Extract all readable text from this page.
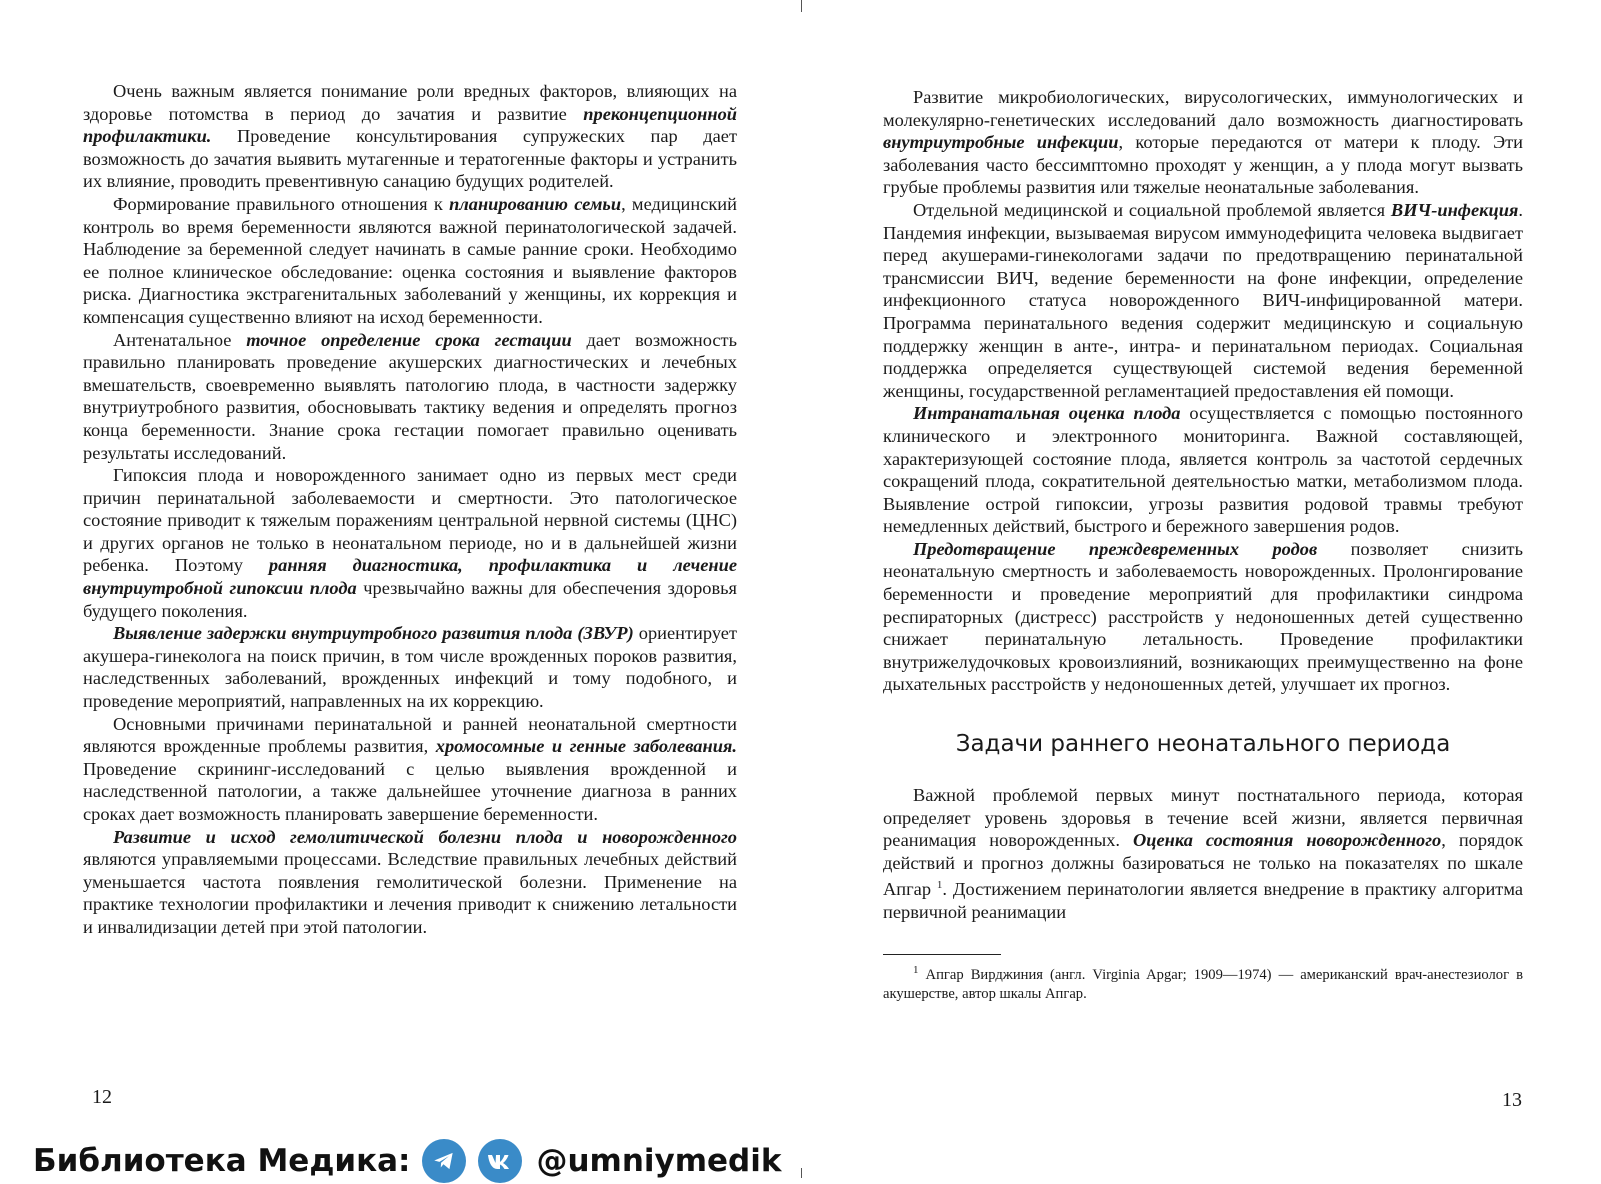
Очень важным является понимание роли вредных факторов, влияющих на здоровье потомства в период до зачатия и развитие преконцепционной профилактики. Проведение консультирования супружеских пар дает возможность до зачатия выявить мутагенные и тератогенные факторы и устранить их влияние, проводить превентивную санацию будущих родителей.

Формирование правильного отношения к планированию семьи, медицинский контроль во время беременности являются важной перинатологической задачей. Наблюдение за беременной следует начинать в самые ранние сроки. Необходимо ее полное клиническое обследование: оценка состояния и выявление факторов риска. Диагностика экстрагенитальных заболеваний у женщины, их коррекция и компенсация существенно влияют на исход беременности.

Антенатальное точное определение срока гестации дает возможность правильно планировать проведение акушерских диагностических и лечебных вмешательств, своевременно выявлять патологию плода, в частности задержку внутриутробного развития, обосновывать тактику ведения и определять прогноз конца беременности. Знание срока гестации помогает правильно оценивать результаты исследований.

Гипоксия плода и новорожденного занимает одно из первых мест среди причин перинатальной заболеваемости и смертности. Это патологическое состояние приводит к тяжелым поражениям центральной нервной системы (ЦНС) и других органов не только в неонатальном периоде, но и в дальнейшей жизни ребенка. Поэтому ранняя диагностика, профилактика и лечение внутриутробной гипоксии плода чрезвычайно важны для обеспечения здоровья будущего поколения.

Выявление задержки внутриутробного развития плода (ЗВУР) ориентирует акушера-гинеколога на поиск причин, в том числе врожденных пороков развития, наследственных заболеваний, врожденных инфекций и тому подобного, и проведение мероприятий, направленных на их коррекцию.

Основными причинами перинатальной и ранней неонатальной смертности являются врожденные проблемы развития, хромосомные и генные заболевания. Проведение скрининг-исследований с целью выявления врожденной и наследственной патологии, а также дальнейшее уточнение диагноза в ранних сроках дает возможность планировать завершение беременности.

Развитие и исход гемолитической болезни плода и новорожденного являются управляемыми процессами. Вследствие правильных лечебных действий уменьшается частота появления гемолитической болезни. Применение на практике технологии профилактики и лечения приводит к снижению летальности и инвалидизации детей при этой патологии.

12

Развитие микробиологических, вирусологических, иммунологических и молекулярно-генетических исследований дало возможность диагностировать внутриутробные инфекции, которые передаются от матери к плоду. Эти заболевания часто бессимптомно проходят у женщин, а у плода могут вызвать грубые проблемы развития или тяжелые неонатальные заболевания.

Отдельной медицинской и социальной проблемой является ВИЧ-инфекция. Пандемия инфекции, вызываемая вирусом иммунодефицита человека выдвигает перед акушерами-гинекологами задачи по предотвращению перинатальной трансмиссии ВИЧ, ведение беременности на фоне инфекции, определение инфекционного статуса новорожденного ВИЧ-инфицированной матери. Программа перинатального ведения содержит медицинскую и социальную поддержку женщин в анте-, интра- и перинатальном периодах. Социальная поддержка определяется существующей системой ведения беременной женщины, государственной регламентацией предоставления ей помощи.

Интранатальная оценка плода осуществляется с помощью постоянного клинического и электронного мониторинга. Важной составляющей, характеризующей состояние плода, является контроль за частотой сердечных сокращений плода, сократительной деятельностью матки, метаболизмом плода. Выявление острой гипоксии, угрозы развития родовой травмы требуют немедленных действий, быстрого и бережного завершения родов.

Предотвращение преждевременных родов позволяет снизить неонатальную смертность и заболеваемость новорожденных. Пролонгирование беременности и проведение мероприятий для профилактики синдрома респираторных (дистресс) расстройств у недоношенных детей существенно снижает перинатальную летальность. Проведение профилактики внутрижелудочковых кровоизлияний, возникающих преимущественно на фоне дыхательных расстройств у недоношенных детей, улучшает их прогноз.

Задачи раннего неонатального периода

Важной проблемой первых минут постнатального периода, которая определяет уровень здоровья в течение всей жизни, является первичная реанимация новорожденных. Оценка состояния новорожденного, порядок действий и прогноз должны базироваться не только на показателях по шкале Апгар $^1$. Достижением перинатологии является внедрение в практику алгоритма первичной реанимации

$^1$ Апгар Вирджиния (англ. Virginia Apgar; 1909—1974) — американский врач-анестезиолог в акушерстве, автор шкалы Апгар.

13
Библиотека Медика:	@umniymedik
